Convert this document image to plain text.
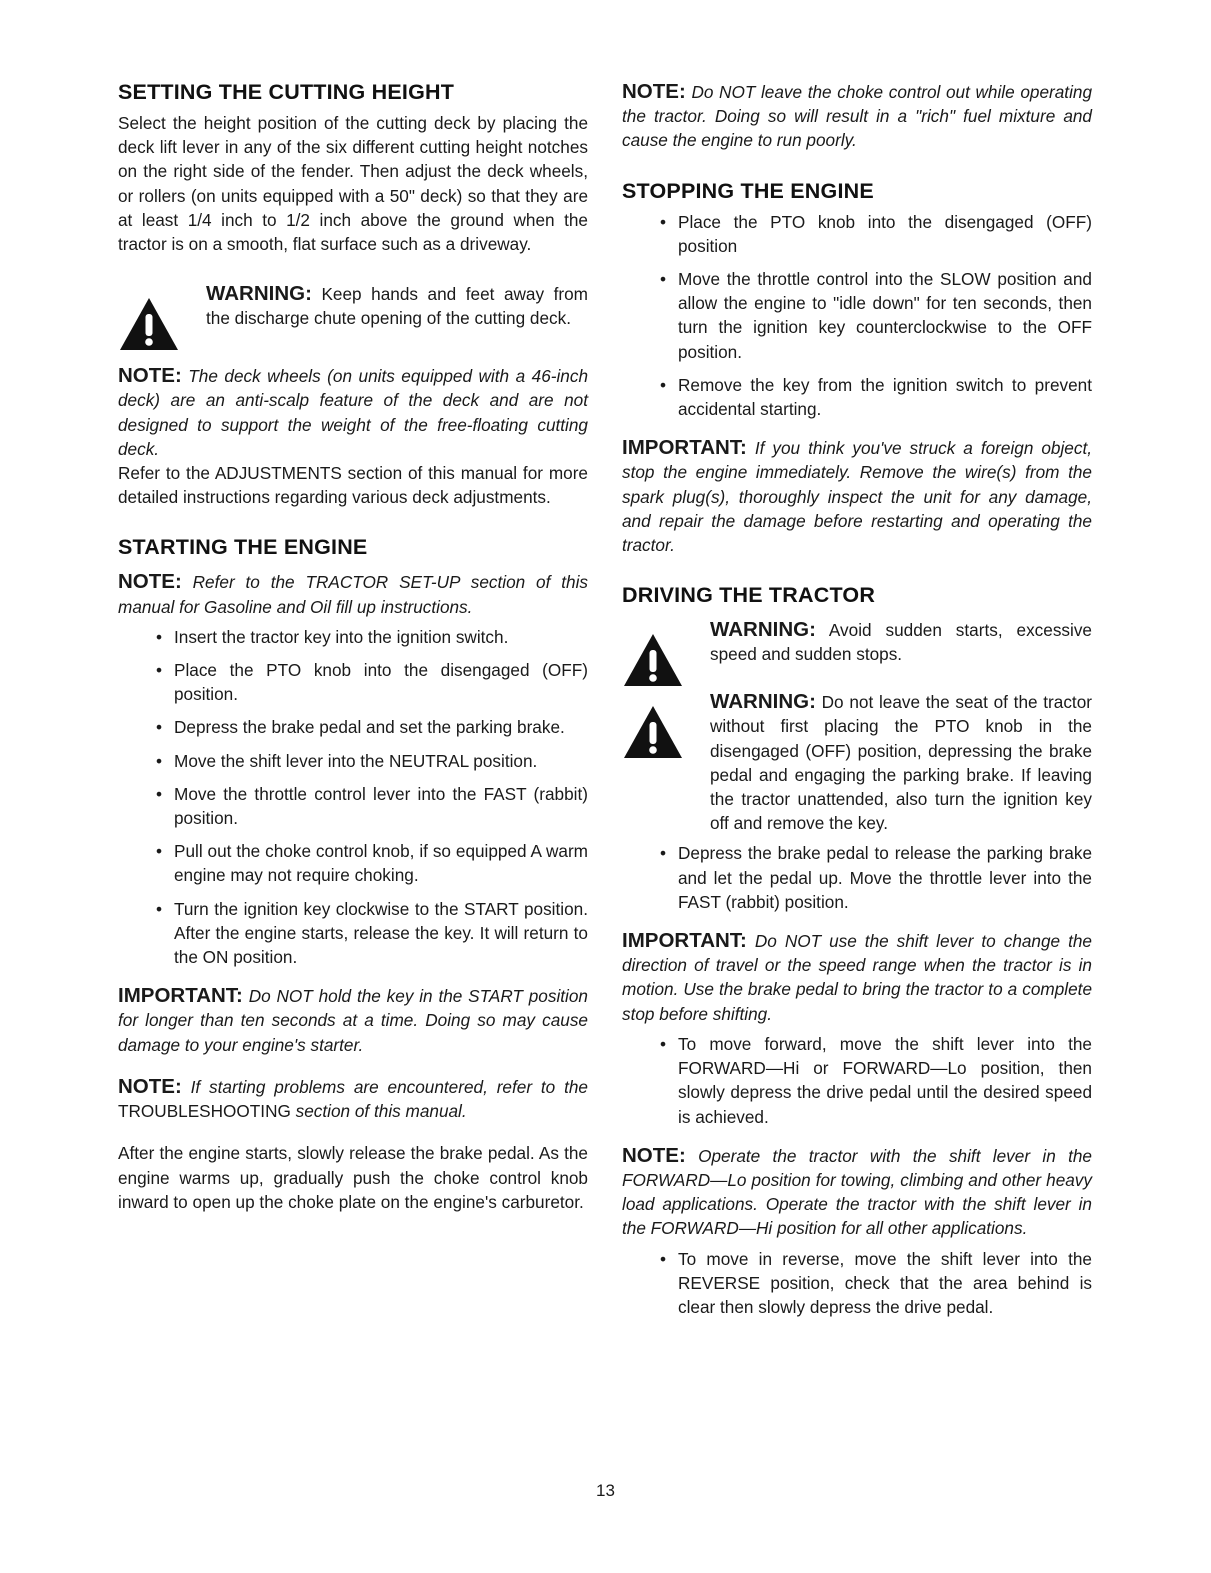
SETTING THE CUTTING HEIGHT

Select the height position of the cutting deck by placing the deck lift lever in any of the six different cutting height notches on the right side of the fender. Then adjust the deck wheels, or rollers (on units equipped with a 50" deck) so that they are at least 1/4 inch to 1/2 inch above the ground when the tractor is on a smooth, flat surface such as a driveway.

WARNING: Keep hands and feet away from the discharge chute opening of the cutting deck.

NOTE: The deck wheels (on units equipped with a 46-inch deck) are an anti-scalp feature of the deck and are not designed to support the weight of the free-floating cutting deck.

Refer to the ADJUSTMENTS section of this manual for more detailed instructions regarding various deck adjustments.

STARTING THE ENGINE

NOTE: Refer to the TRACTOR SET-UP section of this manual for Gasoline and Oil fill up instructions.

• Insert the tractor key into the ignition switch.
• Place the PTO knob into the disengaged (OFF) position.
• Depress the brake pedal and set the parking brake.
• Move the shift lever into the NEUTRAL position.
• Move the throttle control lever into the FAST (rabbit) position.
• Pull out the choke control knob, if so equipped A warm engine may not require choking.
• Turn the ignition key clockwise to the START position. After the engine starts, release the key. It will return to the ON position.

IMPORTANT: Do NOT hold the key in the START position for longer than ten seconds at a time. Doing so may cause damage to your engine's starter.

NOTE: If starting problems are encountered, refer to the TROUBLESHOOTING section of this manual.

After the engine starts, slowly release the brake pedal. As the engine warms up, gradually push the choke control knob inward to open up the choke plate on the engine's carburetor.

NOTE: Do NOT leave the choke control out while operating the tractor. Doing so will result in a "rich" fuel mixture and cause the engine to run poorly.

STOPPING THE ENGINE
• Place the PTO knob into the disengaged (OFF) position
• Move the throttle control into the SLOW position and allow the engine to "idle down" for ten seconds, then turn the ignition key counterclockwise to the OFF position.
• Remove the key from the ignition switch to prevent accidental starting.

IMPORTANT: If you think you've struck a foreign object, stop the engine immediately. Remove the wire(s) from the spark plug(s), thoroughly inspect the unit for any damage, and repair the damage before restarting and operating the tractor.

DRIVING THE TRACTOR
WARNING: Avoid sudden starts, excessive speed and sudden stops.
WARNING: Do not leave the seat of the tractor without first placing the PTO knob in the disengaged (OFF) position, depressing the brake pedal and engaging the parking brake. If leaving the tractor unattended, also turn the ignition key off and remove the key.
• Depress the brake pedal to release the parking brake and let the pedal up. Move the throttle lever into the FAST (rabbit) position.

IMPORTANT: Do NOT use the shift lever to change the direction of travel or the speed range when the tractor is in motion. Use the brake pedal to bring the tractor to a complete stop before shifting.

• To move forward, move the shift lever into the FORWARD—Hi or FORWARD—Lo position, then slowly depress the drive pedal until the desired speed is achieved.

NOTE: Operate the tractor with the shift lever in the FORWARD—Lo position for towing, climbing and other heavy load applications. Operate the tractor with the shift lever in the FORWARD—Hi position for all other applications.

• To move in reverse, move the shift lever into the REVERSE position, check that the area behind is clear then slowly depress the drive pedal.
13
